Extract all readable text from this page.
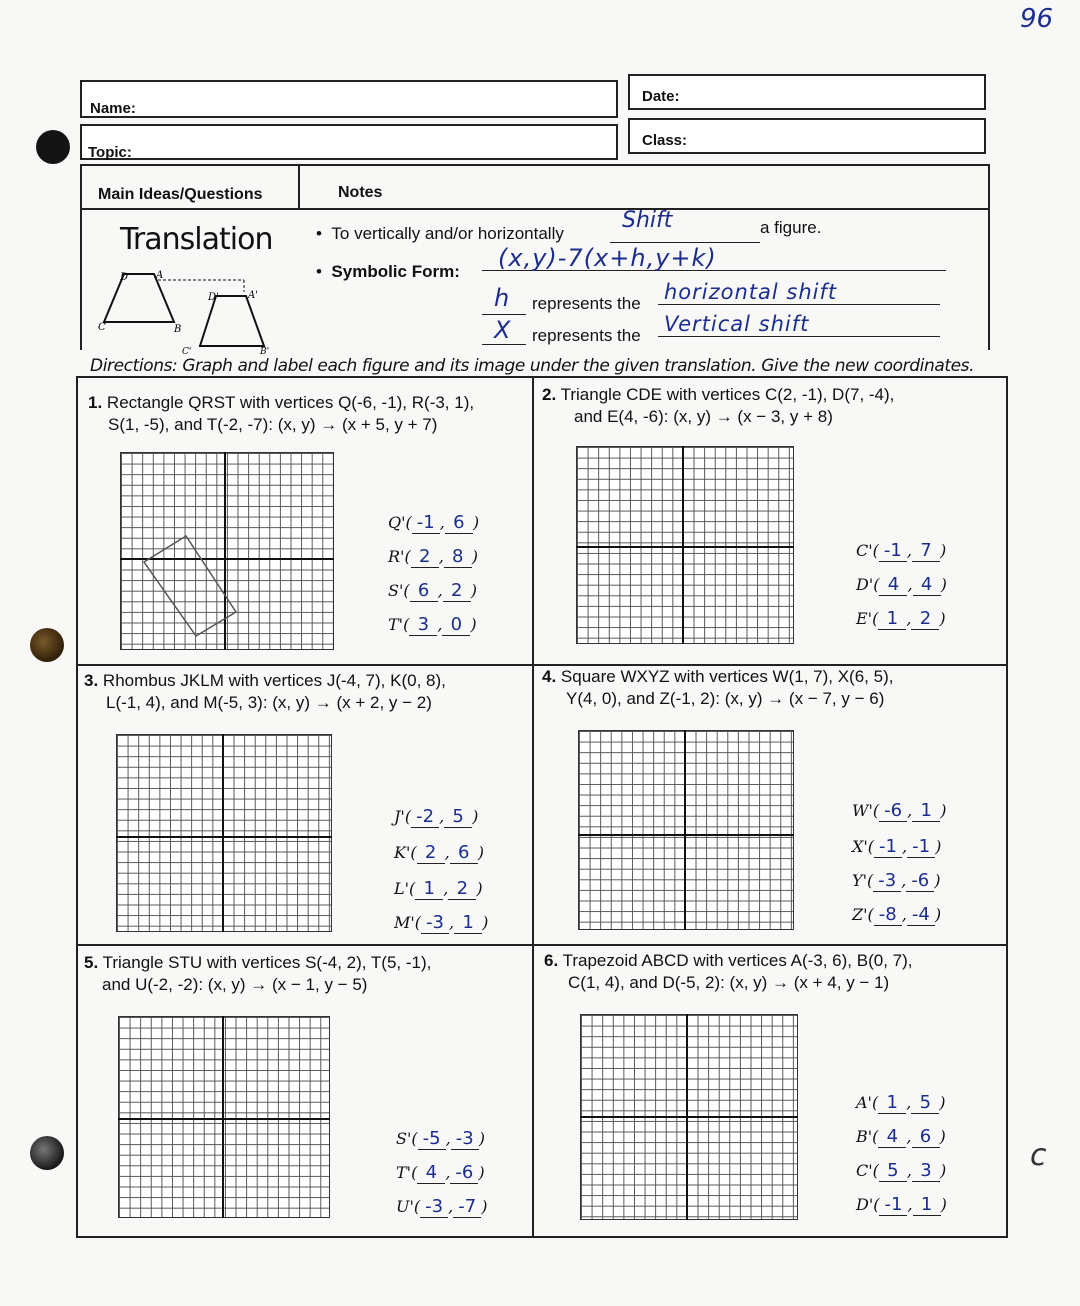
96
c
Name:
Topic:
Date:
Class:
Main Ideas/Questions	Notes
Translation
D	A
B
C
D'	A'
B'
C'
•  To vertically and/or horizontally
Shift	a figure.
•  Symbolic Form: (x,y)-7(x+h,y+k)
h represents the horizontal shift
X represents the Vertical shift
Directions: Graph and label each figure and its image under the given translation. Give the new coordinates.
1. Rectangle QRST with vertices Q(-6, -1), R(-3, 1),
S(1, -5), and T(-2, -7): (x, y) → (x + 5, y + 7)
Q'( -1 , 6 )
R'( 2 , 8 )
S'( 6 , 2 )
T'( 3 , 0 )
2. Triangle CDE with vertices C(2, -1), D(7, -4),
and E(4, -6): (x, y) → (x − 3, y + 8)
C'( -1 , 7 )
D'( 4 , 4 )
E'( 1 , 2 )
3. Rhombus JKLM with vertices J(-4, 7), K(0, 8),
L(-1, 4), and M(-5, 3): (x, y) → (x + 2, y − 2)
J'( -2 , 5 )
K'( 2 , 6 )
L'( 1 , 2 )
M'( -3 , 1 )
4. Square WXYZ with vertices W(1, 7), X(6, 5),
Y(4, 0), and Z(-1, 2): (x, y) → (x − 7, y − 6)
W'( -6 , 1 )
X'( -1 , -1 )
Y'( -3 , -6 )
Z'( -8 , -4 )
5. Triangle STU with vertices S(-4, 2), T(5, -1),
and U(-2, -2): (x, y) → (x − 1, y − 5)
S'( -5 , -3 )
T'( 4 , -6 )
U'( -3 , -7 )
6. Trapezoid ABCD with vertices A(-3, 6), B(0, 7),
C(1, 4), and D(-5, 2): (x, y) → (x + 4, y − 1)
A'( 1 , 5 )
B'( 4 , 6 )
C'( 5 , 3 )
D'( -1 , 1 )
